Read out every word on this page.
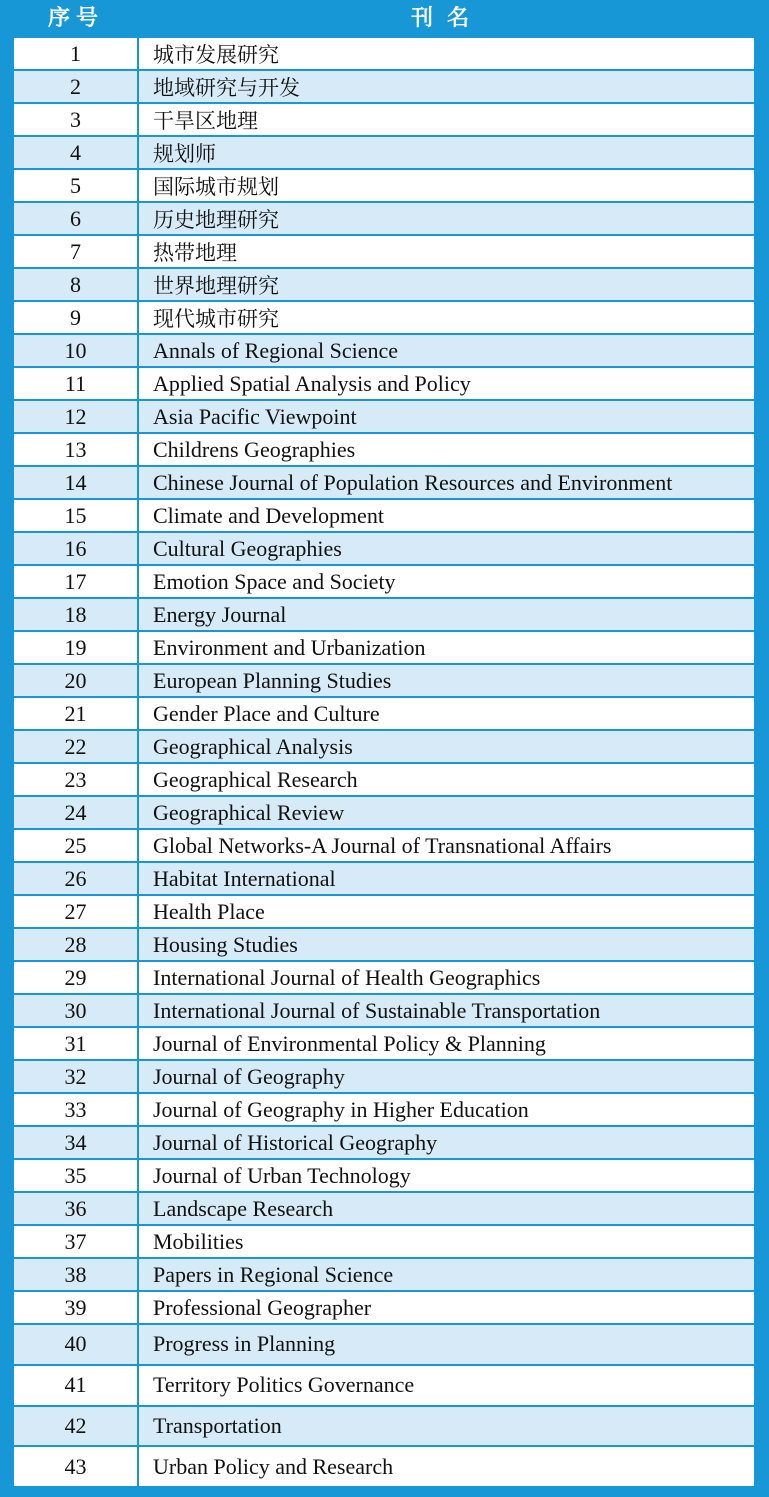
序号	刊名
1	城市发展研究
2	地域研究与开发
3	干旱区地理
4	规划师
5	国际城市规划
6	历史地理研究
7	热带地理
8	世界地理研究
9	现代城市研究
10	Annals of Regional Science
11	Applied Spatial Analysis and Policy
12	Asia Pacific Viewpoint
13	Childrens Geographies
14	Chinese Journal of Population Resources and Environment
15	Climate and Development
16	Cultural Geographies
17	Emotion Space and Society
18	Energy Journal
19	Environment and Urbanization
20	European Planning Studies
21	Gender Place and Culture
22	Geographical Analysis
23	Geographical Research
24	Geographical Review
25	Global Networks-A Journal of Transnational Affairs
26	Habitat International
27	Health Place
28	Housing Studies
29	International Journal of Health Geographics
30	International Journal of Sustainable Transportation
31	Journal of Environmental Policy & Planning
32	Journal of Geography
33	Journal of Geography in Higher Education
34	Journal of Historical Geography
35	Journal of Urban Technology
36	Landscape Research
37	Mobilities
38	Papers in Regional Science
39	Professional Geographer
40	Progress in Planning
41	Territory Politics Governance
42	Transportation
43	Urban Policy and Research
